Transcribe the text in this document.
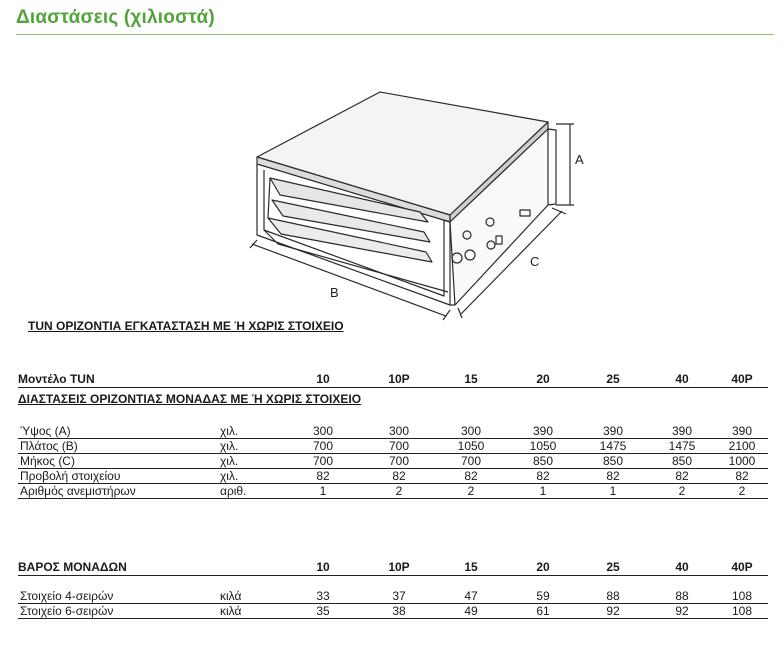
Διαστάσεις (χιλιοστά)
A
B
C
TUN ΟΡΙΖΟΝΤΙΑ ΕΓΚΑΤΑΣΤΑΣΗ ΜΕ Ή ΧΩΡΙΣ ΣΤΟΙΧΕΙΟ
Μοντέλο TUN		10	10P	15	20	25	40	40P
ΔΙΑΣΤΑΣΕΙΣ ΟΡΙΖΟΝΤΙΑΣ ΜΟΝΑΔΑΣ ΜΕ Ή ΧΩΡΙΣ ΣΤΟΙΧΕΙΟ

Ύψος (A)	χιλ.	300	300	300	390	390	390	390
Πλάτος (B)	χιλ.	700	700	1050	1050	1475	1475	2100
Μήκος (C)	χιλ.	700	700	700	850	850	850	1000
Προβολή στοιχείου	χιλ.	82	82	82	82	82	82	82
Αριθμός ανεμιστήρων	αριθ.	1	2	2	1	1	2	2
ΒΑΡΟΣ ΜΟΝΑΔΩΝ		10	10P	15	20	25	40	40P
Στοιχείο 4-σειρών	κιλά	33	37	47	59	88	88	108
Στοιχείο 6-σειρών	κιλά	35	38	49	61	92	92	108
